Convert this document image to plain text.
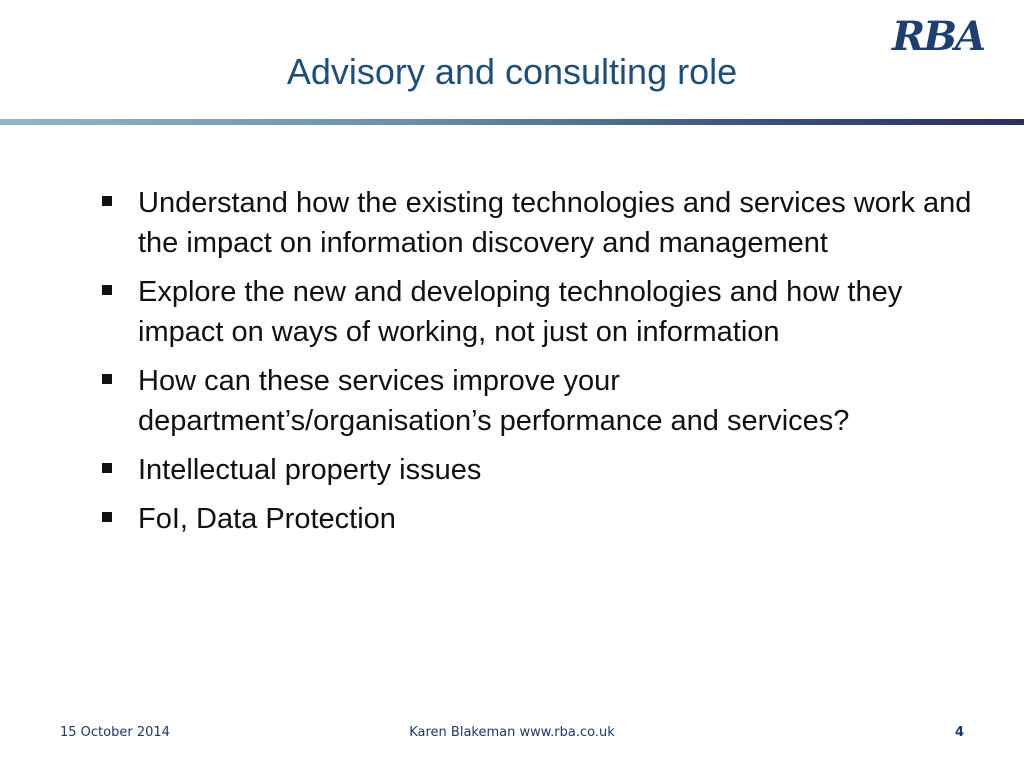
RBA
Advisory and consulting role
Understand how the existing technologies and services work and the impact on information discovery and management
Explore the new and developing technologies and how they impact on ways of working, not just on information
How can these services improve your department’s/organisation’s performance and services?
Intellectual property issues
FoI, Data Protection
15 October 2014	Karen Blakeman www.rba.co.uk	4
